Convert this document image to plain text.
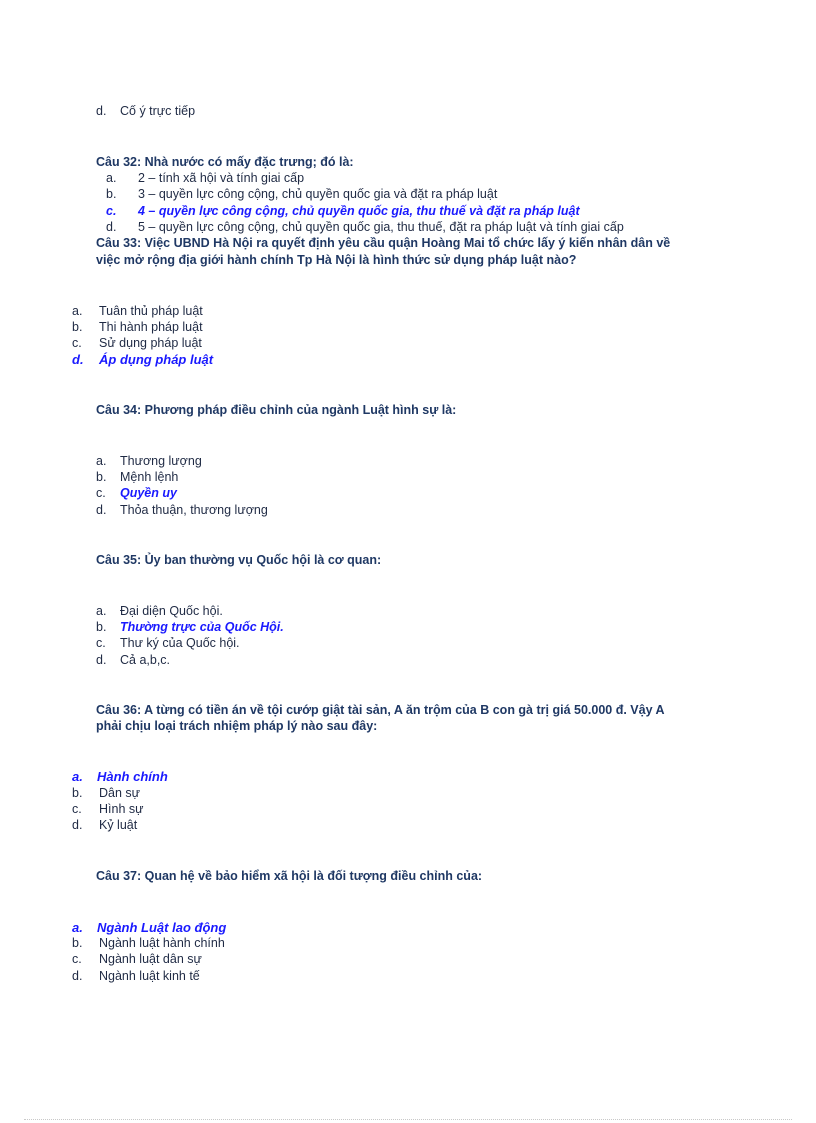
d. Cố ý trực tiếp
Câu 32: Nhà nước có mấy đặc trưng; đó là:
a. 2 – tính xã hội và tính giai cấp
b. 3 – quyền lực công cộng, chủ quyền quốc gia và đặt ra pháp luật
c. 4 – quyền lực công cộng, chủ quyền quốc gia, thu thuế và đặt ra pháp luật
d. 5 – quyền lực công cộng, chủ quyền quốc gia, thu thuế, đặt ra pháp luật và tính giai cấp
Câu 33: Việc UBND Hà Nội ra quyết định yêu cầu quận Hoàng Mai tổ chức lấy ý kiến nhân dân về
việc mở rộng địa giới hành chính Tp Hà Nội là hình thức sử dụng pháp luật nào?
a. Tuân thủ pháp luật
b. Thi hành pháp luật
c. Sử dụng pháp luật
d. Áp dụng pháp luật
Câu 34: Phương pháp điều chỉnh của ngành Luật hình sự là:
a. Thương lượng
b. Mệnh lệnh
c. Quyền uy
d. Thỏa thuận, thương lượng
Câu 35: Ủy ban thường vụ Quốc hội là cơ quan:
a. Đại diện Quốc hội.
b. Thường trực của Quốc Hội.
c. Thư ký của Quốc hội.
d. Cả a,b,c.
Câu 36: A từng có tiền án về tội cướp giật tài sản, A ăn trộm của B con gà trị giá 50.000 đ. Vậy A
phải chịu loại trách nhiệm pháp lý nào sau đây:
a. Hành chính
b. Dân sự
c. Hình sự
d. Kỷ luật
Câu 37: Quan hệ về bảo hiểm xã hội là đối tượng điều chỉnh của:
a. Ngành Luật lao động
b. Ngành luật hành chính
c. Ngành luật dân sự
d. Ngành luật kinh tế
